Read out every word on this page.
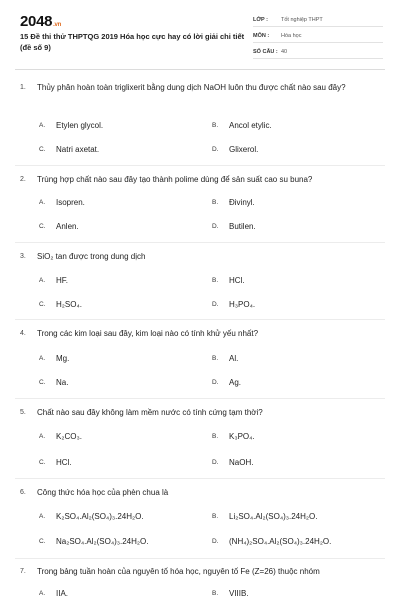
2048.vn
15 Đề thi thử THPTQG 2019 Hóa học cực hay có lời giải chi tiết (đề số 9)
LỚP :	Tốt nghiệp THPT
MÔN :	Hóa học
SỐ CÂU : 40
1.	Thủy phân hoàn toàn triglixerit bằng dung dịch NaOH luôn thu được chất nào sau đây?
A.	Etylen glycol.	B.	Ancol etylic.
C.	Natri axetat.	D.	Glixerol.
2.	Trùng hợp chất nào sau đây tạo thành polime dùng để sản suất cao su buna?
A.	Isopren.	B.	Đivinyl.
C.	Anlen.	D.	Butilen.
3.	SiO₂ tan được trong dung dịch
A.	HF.	B.	HCl.
C.	H₂SO₄.	D.	H₃PO₄.
4.	Trong các kim loại sau đây, kim loại nào có tính khử yếu nhất?
A.	Mg.	B.	Al.
C.	Na.	D.	Ag.
5.	Chất nào sau đây không làm mềm nước có tính cứng tạm thời?
A.	K₂CO₃.	B.	K₃PO₄.
C.	HCl.	D.	NaOH.
6.	Công thức hóa học của phèn chua là
A.	K₂SO₄.Al₂(SO₄)₃.24H₂O.	B.	Li₂SO₄.Al₂(SO₄)₃.24H₂O.
C.	Na₂SO₄.Al₂(SO₄)₃.24H₂O.	D.	(NH₄)₂SO₄.Al₂(SO₄)₃.24H₂O.
7.	Trong bảng tuần hoàn của nguyên tố hóa học, nguyên tố Fe (Z=26) thuộc nhóm
A.	IIA.	B.	VIIIB.
